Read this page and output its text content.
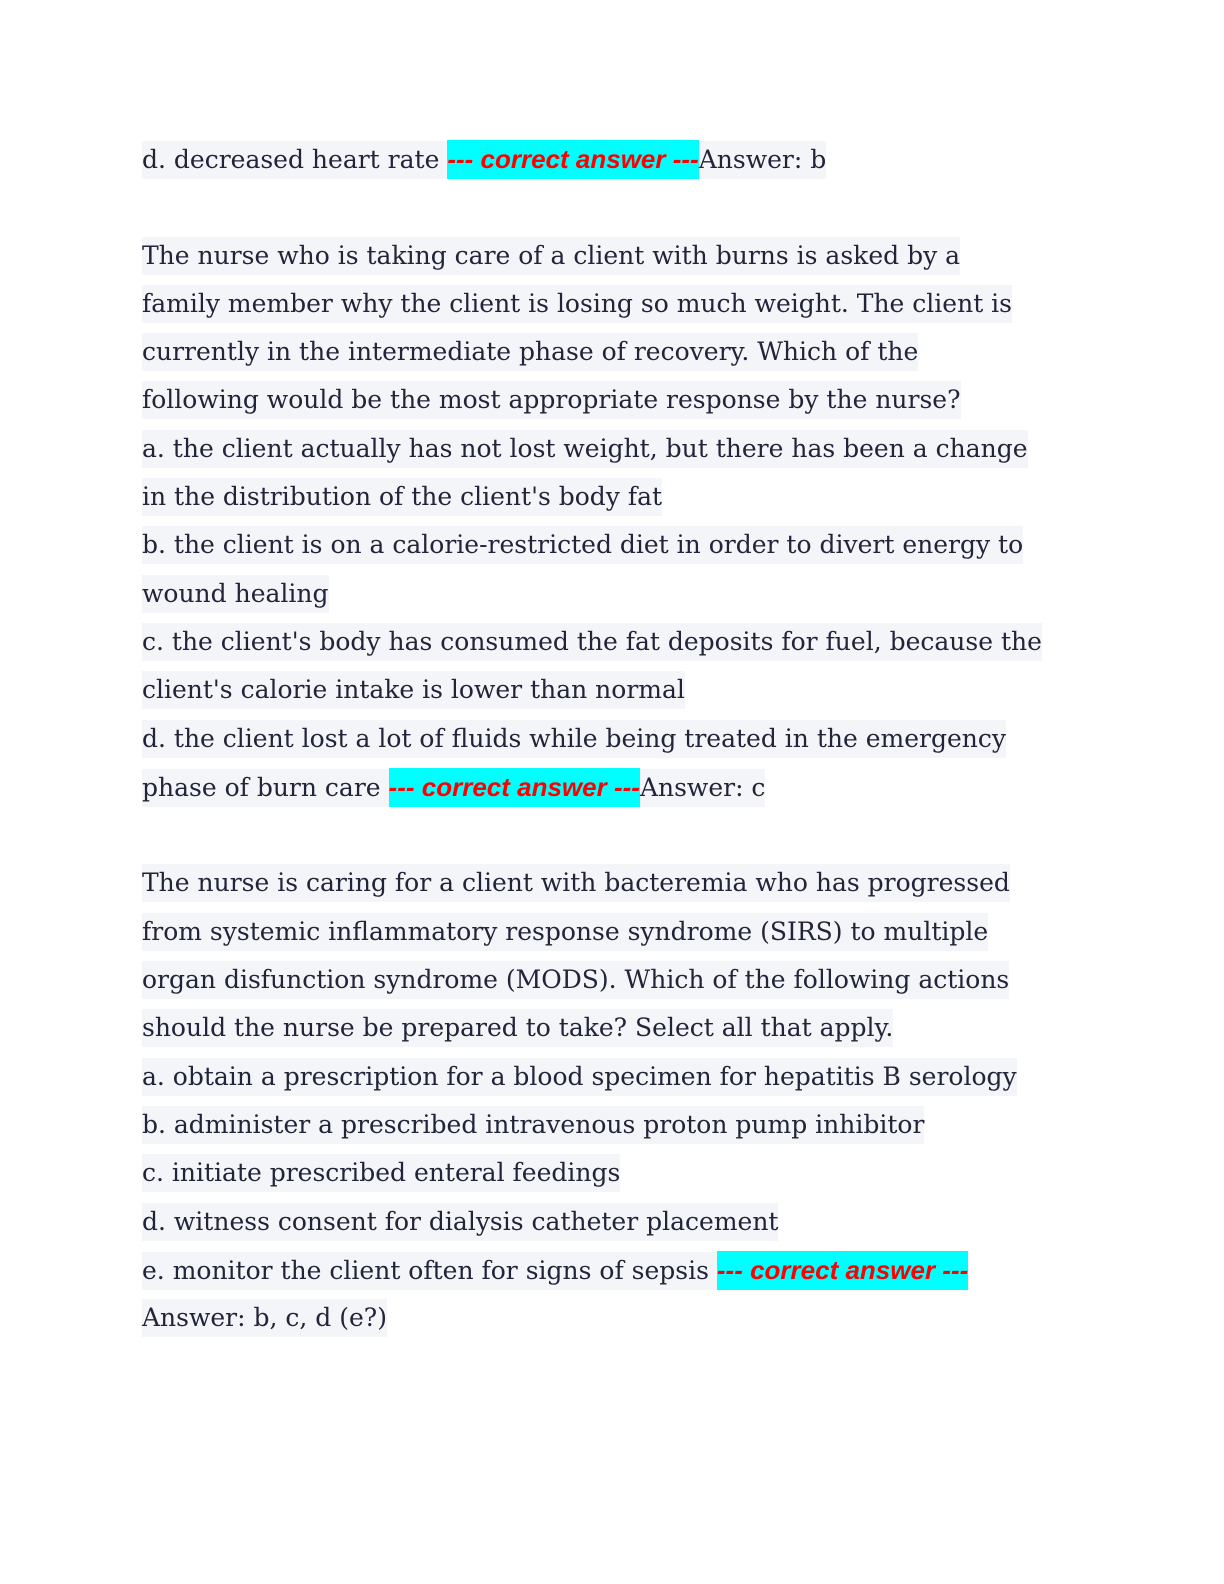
d. decreased heart rate --- correct answer ---Answer: b
The nurse who is taking care of a client with burns is asked by a
family member why the client is losing so much weight. The client is
currently in the intermediate phase of recovery. Which of the
following would be the most appropriate response by the nurse?
a. the client actually has not lost weight, but there has been a change
in the distribution of the client's body fat
b. the client is on a calorie-restricted diet in order to divert energy to
wound healing
c. the client's body has consumed the fat deposits for fuel, because the
client's calorie intake is lower than normal
d. the client lost a lot of fluids while being treated in the emergency
phase of burn care --- correct answer ---Answer: c
The nurse is caring for a client with bacteremia who has progressed
from systemic inflammatory response syndrome (SIRS) to multiple
organ disfunction syndrome (MODS). Which of the following actions
should the nurse be prepared to take? Select all that apply.
a. obtain a prescription for a blood specimen for hepatitis B serology
b. administer a prescribed intravenous proton pump inhibitor
c. initiate prescribed enteral feedings
d. witness consent for dialysis catheter placement
e. monitor the client often for signs of sepsis --- correct answer ---
Answer: b, c, d (e?)
